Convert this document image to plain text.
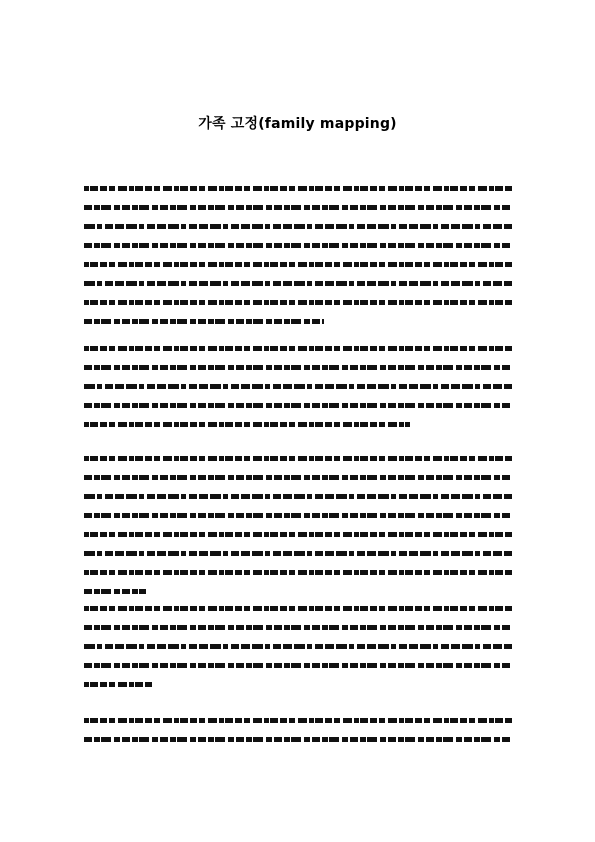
가족 고정(family mapping)
